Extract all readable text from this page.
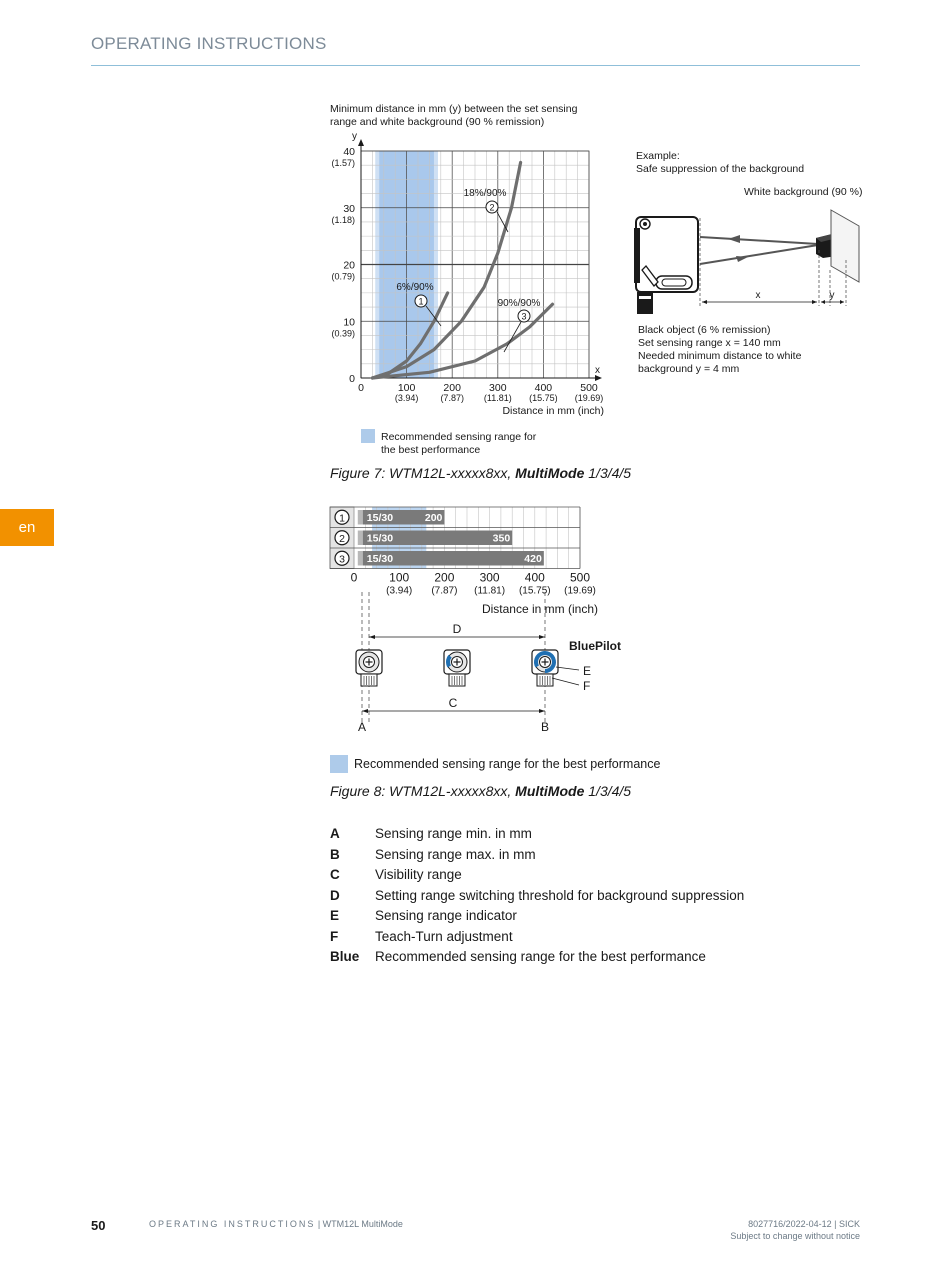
OPERATING INSTRUCTIONS
en
Minimum distance in mm (y) between the set sensing range and white background (90 % remission)
y
x
40
(1.57)
30
(1.18)
20
(0.79)
10
(0.39)
0
0	100
(3.94)
200
(7.87)
300
(11.81)
400
(15.75)
500
(19.69)
Distance in mm (inch)
6%/90%
1
18%/90%
2
90%/90%
3
Example:
Safe suppression of the background
White background (90 %)
x	y
Black object (6 % remission)
Set sensing range x = 140 mm
Needed minimum distance to white background y = 4 mm
Recommended sensing range for the best performance
Figure 7: WTM12L-xxxxx8xx, MultiMode 1/3/4/5
15/30	200
1
15/30	350
2
15/30	420
3
0	100
(3.94)
200
(7.87)
300
(11.81)
400
(15.75)
500
(19.69)
Distance in mm (inch)
D
C
A	B
BluePilot
E
F
Recommended sensing range for the best performance
Figure 8: WTM12L-xxxxx8xx, MultiMode 1/3/4/5
A	Sensing range min. in mm
B	Sensing range max. in mm
C	Visibility range
D	Setting range switching threshold for background suppression
E	Sensing range indicator
F	Teach-Turn adjustment
Blue	Recommended sensing range for the best performance
50	OPERATING INSTRUCTIONS | WTM12L MultiMode	8027716/2022-04-12 | SICK
Subject to change without notice
